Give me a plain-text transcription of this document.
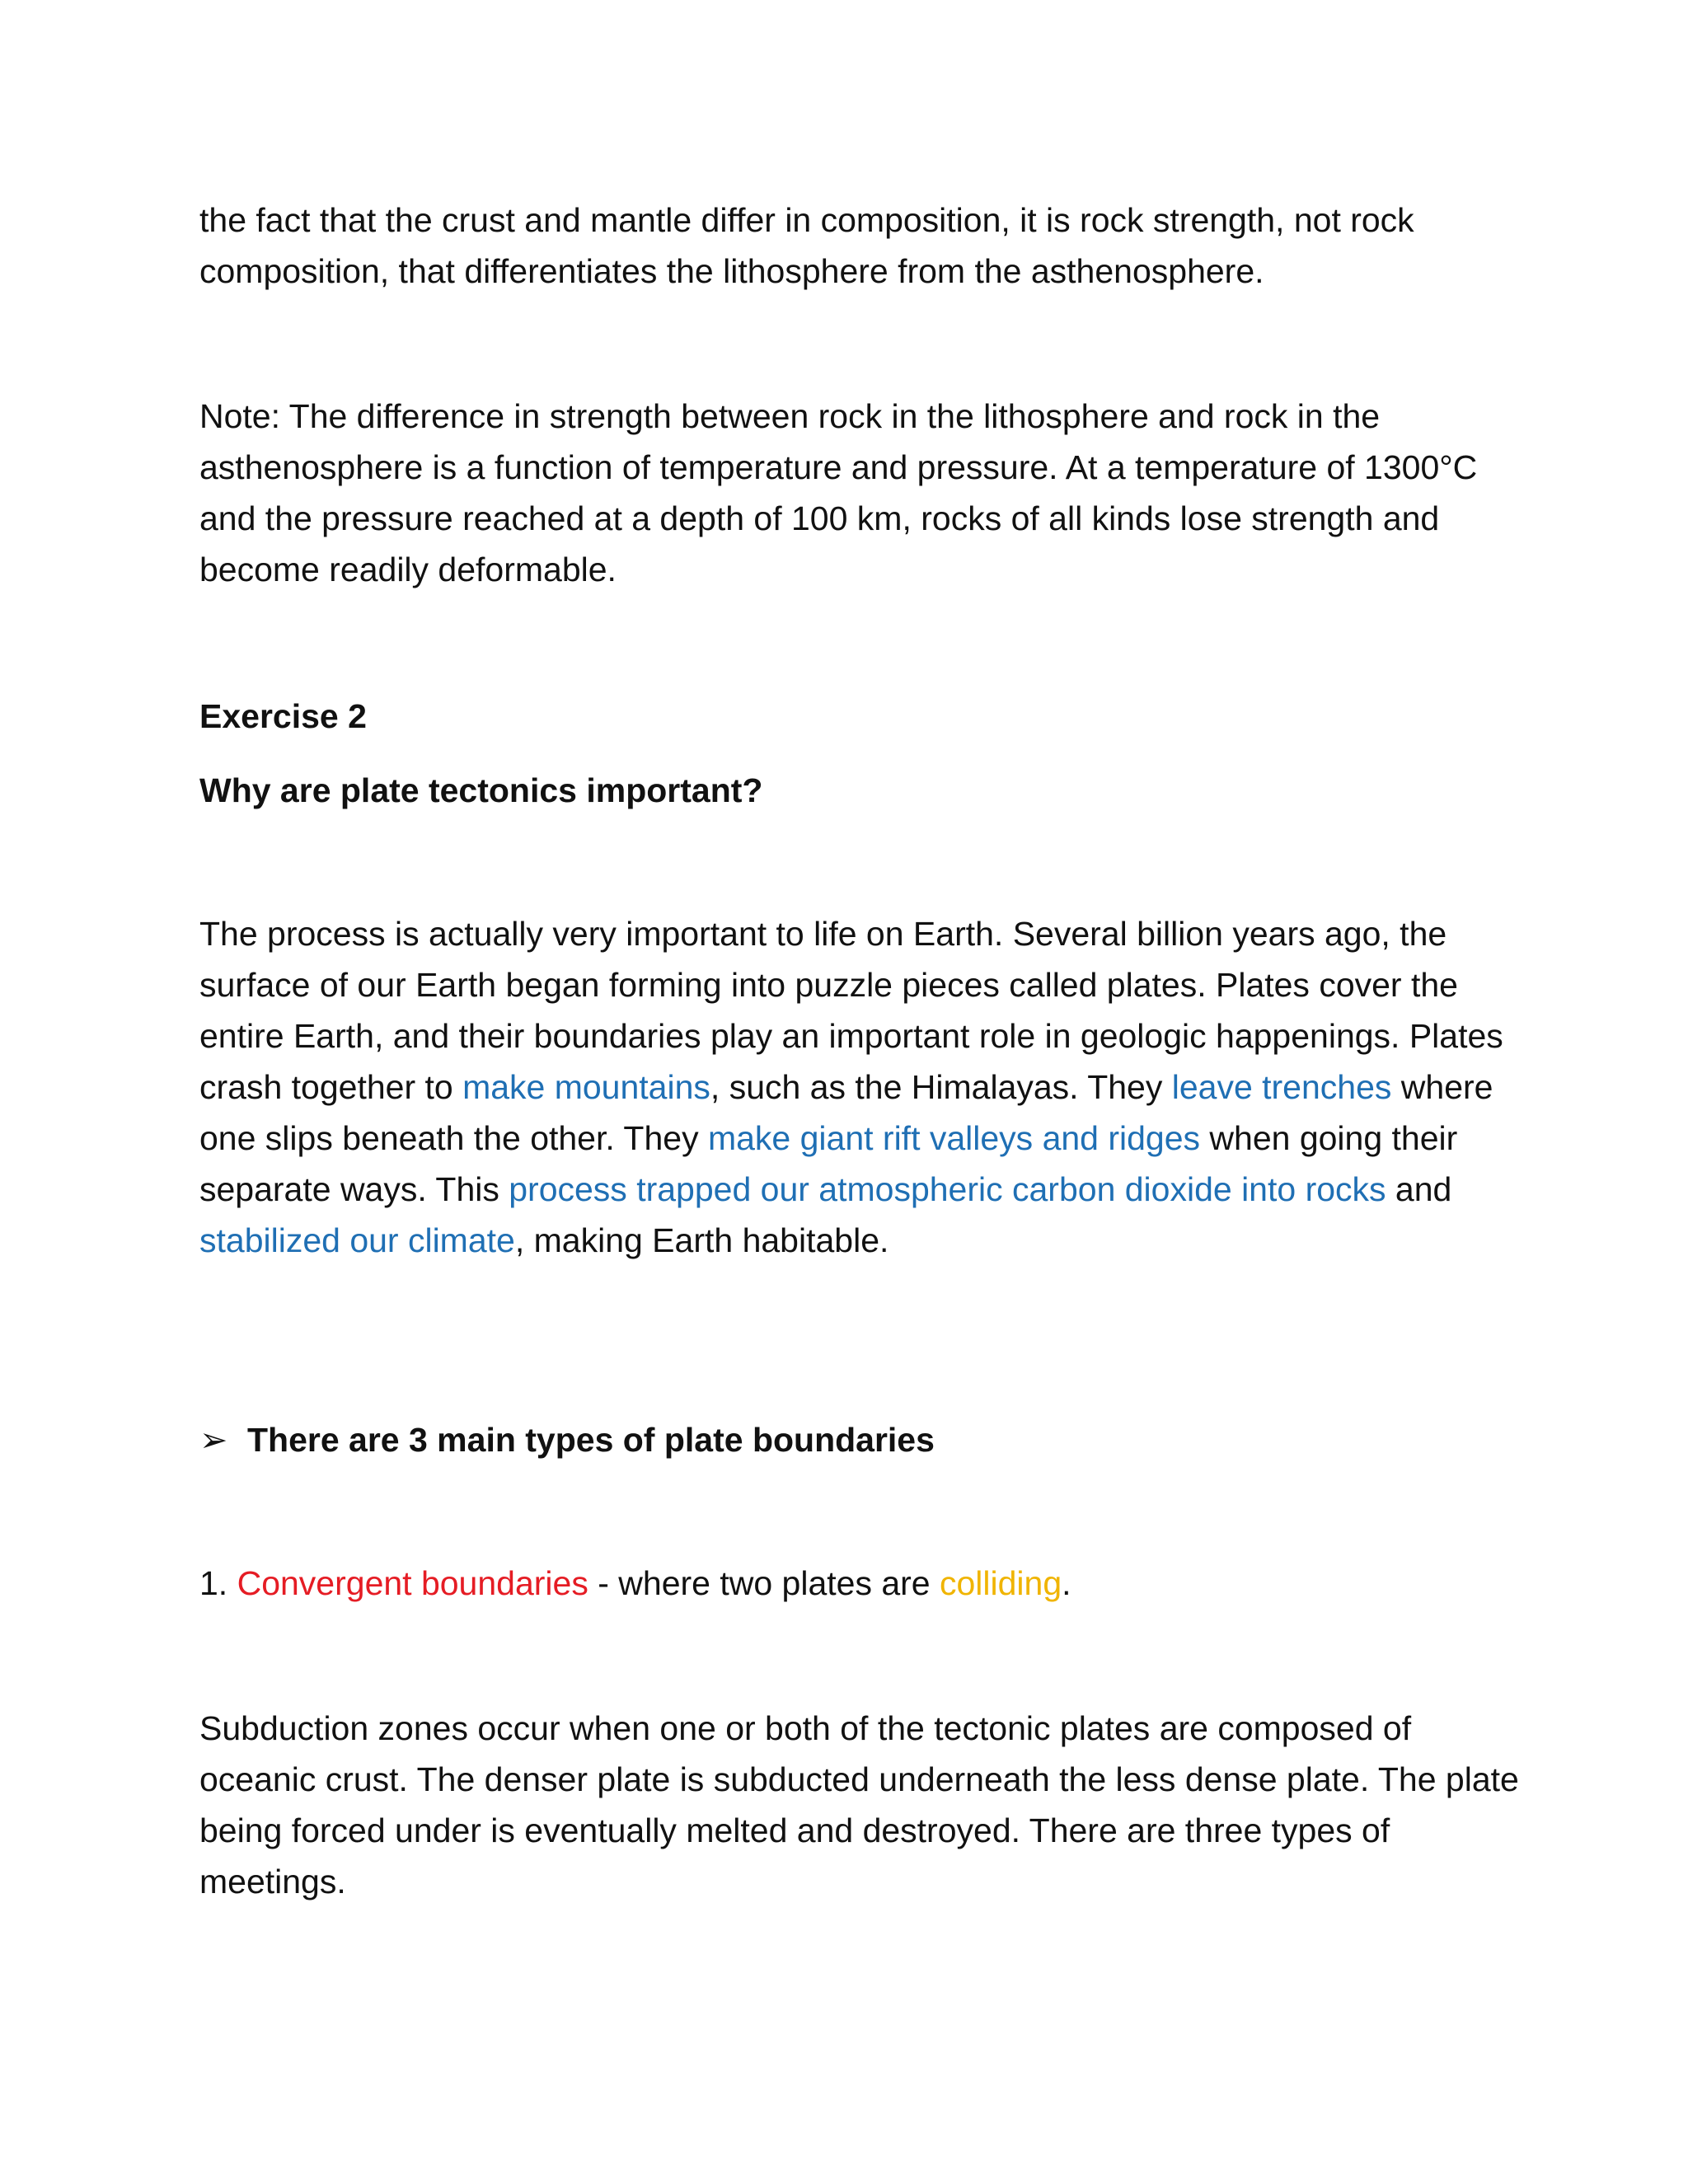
the fact that the crust and mantle differ in composition, it is rock strength, not rock composition, that differentiates the lithosphere from the asthenosphere.

Note: The difference in strength between rock in the lithosphere and rock in the asthenosphere is a function of temperature and pressure. At a temperature of 1300°C and the pressure reached at a depth of 100 km, rocks of all kinds lose strength and become readily deformable.

Exercise 2

Why are plate tectonics important?

The process is actually very important to life on Earth. Several billion years ago, the surface of our Earth began forming into puzzle pieces called plates. Plates cover the entire Earth, and their boundaries play an important role in geologic happenings. Plates crash together to make mountains, such as the Himalayas. They leave trenches where one slips beneath the other. They make giant rift valleys and ridges when going their separate ways. This process trapped our atmospheric carbon dioxide into rocks and stabilized our climate, making Earth habitable.

➢ There are 3 main types of plate boundaries

1. Convergent boundaries - where two plates are colliding.

Subduction zones occur when one or both of the tectonic plates are composed of oceanic crust. The denser plate is subducted underneath the less dense plate. The plate being forced under is eventually melted and destroyed. There are three types of meetings.
